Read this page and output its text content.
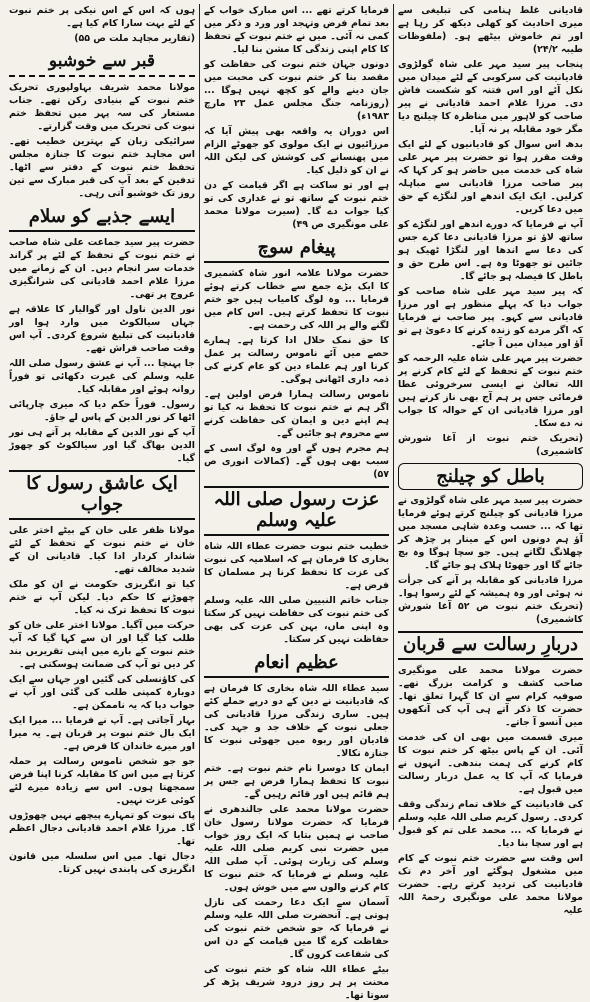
قادیانی غلط ہنامی کی تبلیغی سے میری احادیث کو کھلی دیکھ کر رہا ہے اور تم خاموش بیٹھے ہو۔ (ملفوظات طیبہ ۲۴/۲)

پنجاب پیر سید مہر علی شاہ گولڑوی قادیانیت کی سرکوبی کے لئے میدان میں نکل آئے اور اس فتنہ کو شکست فاش دی۔ مرزا غلام احمد قادیانی نے پیر صاحب کو لاہور میں مناظرہ کا چیلنج دیا مگر خود مقابلہ پر نہ آیا۔

بدھ اس سوال کو قادیانیوں کے لئے ایک وقت مقرر ہوا تو حضرت پیر مہر علی شاہ کی خدمت میں حاضر ہو کر کہا کہ پیر صاحب مرزا قادیانی سے مباہلہ کرلیں۔ ایک ایک اندھے اور لنگڑے کے حق میں دعا کریں۔

آپ نے فرمایا کہ دورے اندھے اور لنگڑے کو ساتھ لاؤ تو مرزا قادیانی دعا کرے جس کی دعا سے اندھا اور لنگڑا ٹھیک ہو جائیں تو جھوٹا وہ ہے۔ اس طرح حق و باطل کا فیصلہ ہو جائے گا۔

کہ پیر سید مہر علی شاہ صاحب کو جواب دیا کہ پہلے منظور ہے اور مرزا قادیانی سے کہو۔ پیر صاحب نے فرمایا کہ اگر مردے کو زندہ کرنے کا دعویٰ ہے تو آؤ اور میدان میں آ جائے۔

حضرت پیر مہر علی شاہ علیہ الرحمہ کو ختم نبوت کے تحفظ کے لئے کام کرنے پر اللہ تعالیٰ نے ایسی سرخروئی عطا فرمائی جس پر ہم آج بھی ناز کرتے ہیں اور مرزا قادیانی ان کے حوالہ کا جواب نہ دے سکا۔

(تحریک ختم نبوت از آغا شورش کاشمیری)

باطل کو چیلنج

حضرت پیر سید مہر علی شاہ گولڑوی نے مرزا قادیانی کو چیلنج کرتے ہوئے فرمایا تھا کہ ... حسب وعدہ شاہی مسجد میں آؤ ہم دونوں اس کے مینار پر چڑھ کر چھلانگ لگاتے ہیں۔ جو سچا ہوگا وہ بچ جائے گا اور جھوٹا ہلاک ہو جائے گا۔

مرزا قادیانی کو مقابلہ پر آنے کی جرأت نہ ہوئی اور وہ ہمیشہ کے لئے رسوا ہوا۔ (تحریک ختم نبوت ص ۵۲ آغا شورش کاشمیری)

دربارِ رسالت سے قربان

حضرت مولانا محمد علی مونگیری صاحب کشف و کرامت بزرگ تھے۔ صوفیہ کرام سے ان کا گہرا تعلق تھا۔ حضرت کا ذکر آتے ہی آپ کی آنکھوں میں آنسو آ جاتے۔

میری قسمت میں بھی ان کی خدمت آئی۔ ان کے پاس بیٹھ کر ختم نبوت کا کام کرنے کی ہمت بندھی۔ انہوں نے فرمایا کہ آپ کا یہ عمل دربار رسالت میں قبول ہے۔

کی قادیانیت کے خلاف تمام زندگی وقف کردی۔ رسول کریم صلی اللہ علیہ وسلم نے فرمایا کہ ... محمد علی تم کو قبول ہے اور سچا بنا دیا۔

اس وقت سے حضرت ختم نبوت کے کام میں مشغول ہوگئے اور آخر دم تک قادیانیت کی تردید کرتے رہے۔ حضرت مولانا محمد علی مونگیری رحمۃ اللہ علیہ

فرمایا کرتے تھے ... اس مبارک خواب کے بعد تمام فرض وتہجد اور ورد و ذکر میں کمی نہ آئی۔ میں نے ختم نبوت کے تحفظ کا کام اپنی زندگی کا مشن بنا لیا۔

دونوں جہان ختم نبوت کی حفاظت کو مقصد بنا کر ختم نبوت کی محبت میں جان دینے والے کو کچھ نہیں ہوگا ... (روزنامہ جنگ مجلس عمل ۲۳ مارچ ۱۹۸۳ء)

اس دوران یہ واقعہ بھی پیش آیا کہ مرزائیوں نے ایک مولوی کو جھوٹے الزام میں پھنسانے کی کوشش کی لیکن اللہ نے ان کو ذلیل کیا۔

ہے اور تو ساکت ہے اگر قیامت کے دن ختم نبوت کے ساتھ تو نے غداری کی تو کیا جواب دے گا۔ (سیرت مولانا محمد علی مونگیری ص ۴۹)

پیغام سوچ

حضرت مولانا علامہ انور شاہ کشمیری کا ایک بڑے جمع سے خطاب کرتے ہوئے فرمایا ... وہ لوگ کامیاب ہیں جو ختم نبوت کا تحفظ کرتے ہیں۔ اس کام میں لگنے والے پر اللہ کی رحمت ہے۔

کا حق نمک حلال ادا کرتا ہے۔ ہمارے حصے میں آئے ناموس رسالت پر عمل کرنا اور ہم علماء دین کو عام کرنے کی ذمہ داری اٹھانی ہوگی۔

ناموس رسالت ہمارا فرض اولین ہے۔ اگر ہم نے ختم نبوت کا تحفظ نہ کیا تو ہم اپنے دین و ایمان کی حفاظت کرنے سے محروم ہو جائیں گے۔

ہم مجرم ہوں گے اور وہ لوگ اسی کے سبب بھی ہوں گے۔ (کمالات انوری ص ۵۷)

عزت رسول صلی اللہ علیہ وسلم

خطیب ختم نبوت حضرت عطاء اللہ شاہ بخاری کا فرمان ہے کہ اسلامیہ کی نبوت کی عزت کا تحفظ کرنا ہر مسلمان کا فرض ہے۔

جناب خاتم النبیین صلی اللہ علیہ وسلم کی ختم نبوت کی حفاظت نہیں کر سکتا وہ اپنی ماں، بہن کی عزت کی بھی حفاظت نہیں کر سکتا۔

عظیم انعام

سید عطاء اللہ شاہ بخاری کا فرمان ہے کہ قادیانیت نے دین کے دو درپے حملے کئے ہیں۔ ساری زندگی مرزا قادیانی کی جعلی نبوت کے خلاف جد و جہد کی۔ قادیان اور ربوہ میں جھوٹی نبوت کا جنازہ نکالا۔

ایمان کا دوسرا نام ختم نبوت ہے۔ ختم نبوت کا تحفظ ہمارا فرض ہے جس پر ہم قائم ہیں اور قائم رہیں گے۔

حضرت مولانا محمد علی جالندھری نے فرمایا کہ حضرت مولانا رسول خان صاحب نے ہمیں بتایا کہ ایک روز خواب میں حضرت نبی کریم صلی اللہ علیہ وسلم کی زیارت ہوئی۔ آپ صلی اللہ علیہ وسلم نے فرمایا کہ ختم نبوت کا کام کرنے والوں سے میں خوش ہوں۔

آسمان سے ایک دعا رحمت کی نازل ہوتی ہے۔ آنحضرت صلی اللہ علیہ وسلم نے فرمایا کہ جو شخص ختم نبوت کی حفاظت کرے گا میں قیامت کے دن اس کی شفاعت کروں گا۔

بیٹے عطاء اللہ شاہ کو ختم نبوت کی محنت پر ہر روز درود شریف پڑھ کر سوتا تھا۔

ہوں کہ اس کے اس نیکی پر ختم نبوت کے لئے بہت سارا کام کیا ہے۔

(تقاریر مجاہد ملت ص ۵۵)

قبر سے خوشبو

مولانا محمد شریف بہاولپوری تحریک ختم نبوت کے بنیادی رکن تھے۔ جناب مستعار کی سہ پہر میں تحفظ ختم نبوت کی تحریک میں وقت گزارتے۔

سرائیکی زبان کے بہترین خطیب تھے۔ اس مجاہد ختم نبوت کا جنازہ مجلس تحفظ ختم نبوت کے دفتر سے اٹھا۔ تدفین کے بعد آپ کی قبر مبارک سے تین روز تک خوشبو آتی رہی۔

ایسے جذبے کو سلام

حضرت پیر سید جماعت علی شاہ صاحب نے ختم نبوت کے تحفظ کے لئے پر گراند خدمات سر انجام دیں۔ ان کے زمانے میں مرزا غلام احمد قادیانی کی شرانگیزی عروج پر تھی۔

نور الدین ناول اور گوالیار کا علاقہ ہے جہاں سیالکوٹ میں وارد ہوا اور قادیانیت کی تبلیغ شروع کردی۔ آپ اس وقت صاحب فراش تھے۔

جا پہنچا ... آپ نے عشق رسول صلی اللہ علیہ وسلم کی غیرت دکھائی تو فوراً روانہ ہوئے اور مقابلہ کیا۔

رسول۔ فوراً حکم دیا کہ میری چارپائی اٹھا کر نور الدین کے پاس لے جاؤ۔

آپ کے نور الدین کے مقابلہ پر آتے ہی نور الدین بھاگ گیا اور سیالکوٹ کو چھوڑ گیا۔

ایک عاشق رسول کا جواب

مولانا ظفر علی خان کے بیٹے اختر علی خان نے ختم نبوت کے تحفظ کے لئے شاندار کردار ادا کیا۔ قادیانی ان کے شدید مخالف تھے۔

کیا تو انگریزی حکومت نے ان کو ملک چھوڑنے کا حکم دیا۔ لیکن آپ نے ختم نبوت کا تحفظ ترک نہ کیا۔

حرکت میں آگیا۔ مولانا اختر علی خان کو طلب کیا گیا اور ان سے کہا گیا کہ آپ ختم نبوت کے بارے میں اپنی تقریریں بند کر دیں تو آپ کی ضمانت ہوسکتی ہے۔

کی کاؤنسلی کی گئیں اور جہاں سے ایک دوبارہ کمپنی طلب کی گئی اور آپ نے جواب دیا کہ یہ ناممکن ہے۔

بہار آجاتی ہے۔ آپ نے فرمایا ... میرا ایک ایک بال ختم نبوت پر قربان ہے۔ یہ میرا اور میرے خاندان کا فرض ہے۔

جو جو شخص ناموس رسالت پر حملہ کرتا ہے میں اس کا مقابلہ کرنا اپنا فرض سمجھتا ہوں۔ اس سے زیادہ میرے لئے کوئی عزت نہیں۔

پاک نبوت کو تمہارے پیچھے نہیں چھوڑوں گا۔ مرزا غلام احمد قادیانی دجال اعظم تھا۔

دجال تھا۔ میں اس سلسلہ میں قانون انگریزی کی پابندی نہیں کرتا۔
